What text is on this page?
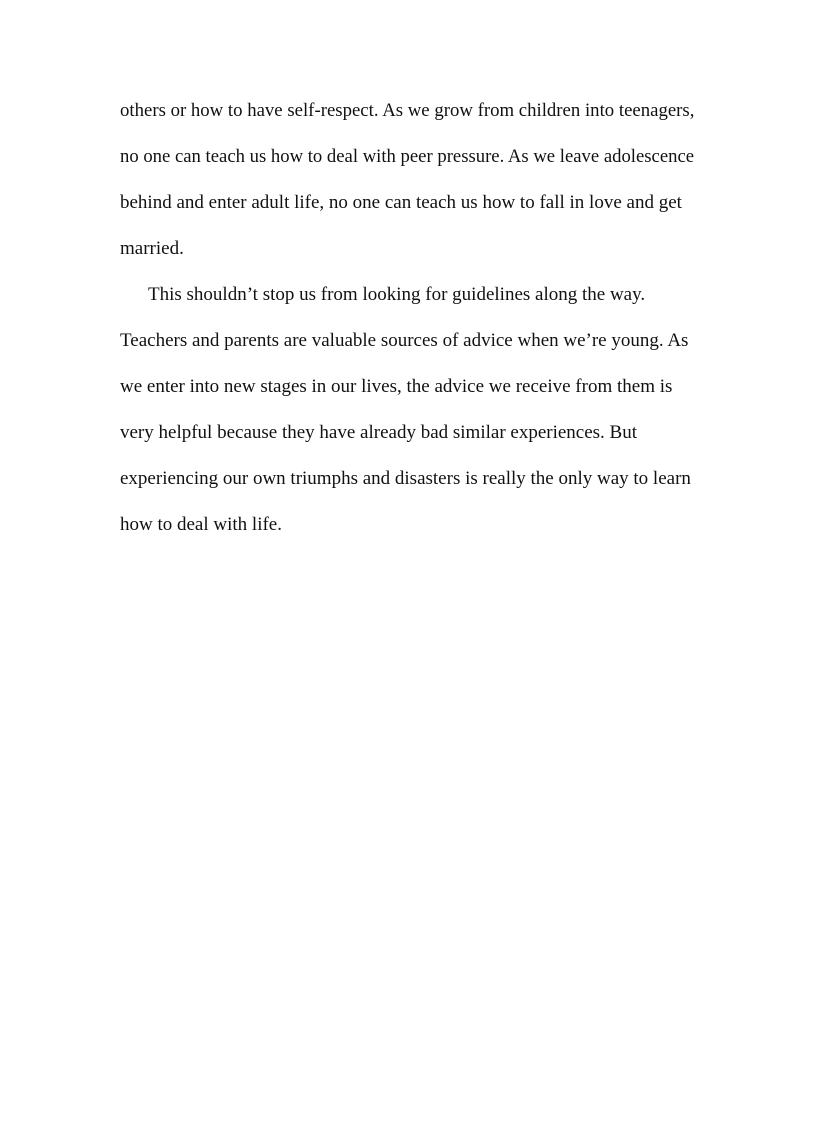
others or how to have self-respect. As we grow from children into teenagers,
no one can teach us how to deal with peer pressure. As we leave adolescence
behind and enter adult life, no one can teach us how to fall in love and get
married.
This shouldn’t stop us from looking for guidelines along the way.
Teachers and parents are valuable sources of advice when we’re young. As
we enter into new stages in our lives, the advice we receive from them is
very helpful because they have already bad similar experiences. But
experiencing our own triumphs and disasters is really the only way to learn
how to deal with life.
